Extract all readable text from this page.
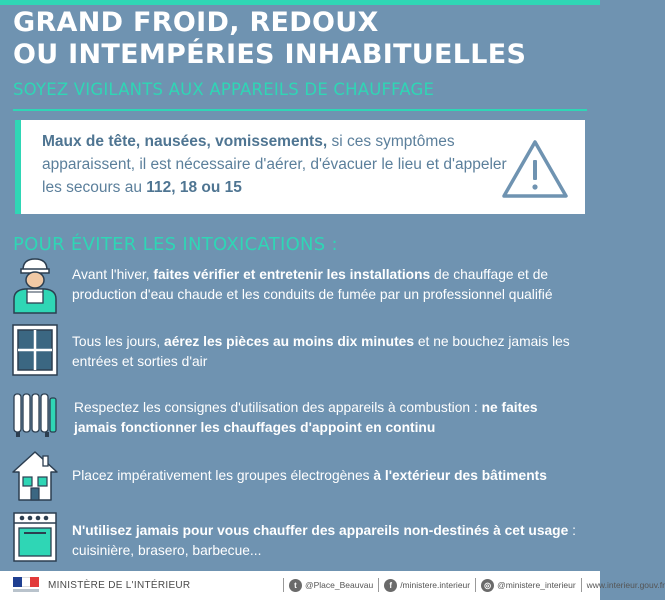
GRAND FROID, REDOUX
OU INTEMPÉRIES INHABITUELLES
SOYEZ VIGILANTS AUX APPAREILS DE CHAUFFAGE
Maux de tête, nausées, vomissements, si ces symptômes apparaissent, il est nécessaire d'aérer, d'évacuer le lieu et d'appeler les secours au 112, 18 ou 15
POUR ÉVITER LES INTOXICATIONS :
Avant l'hiver, faites vérifier et entretenir les installations de chauffage et de production d'eau chaude et les conduits de fumée par un professionnel qualifié
Tous les jours, aérez les pièces au moins dix minutes et ne bouchez jamais les entrées et sorties d'air
Respectez les consignes d'utilisation des appareils à combustion : ne faites jamais fonctionner les chauffages d'appoint en continu
Placez impérativement les groupes électrogènes à l'extérieur des bâtiments
N'utilisez jamais pour vous chauffer des appareils non-destinés à cet usage : cuisinière, brasero, barbecue...
MINISTÈRE DE L'INTÉRIEUR	t @Place_Beauvau	f /ministere.interieur	◎ @ministere_interieur www.interieur.gouv.fr
